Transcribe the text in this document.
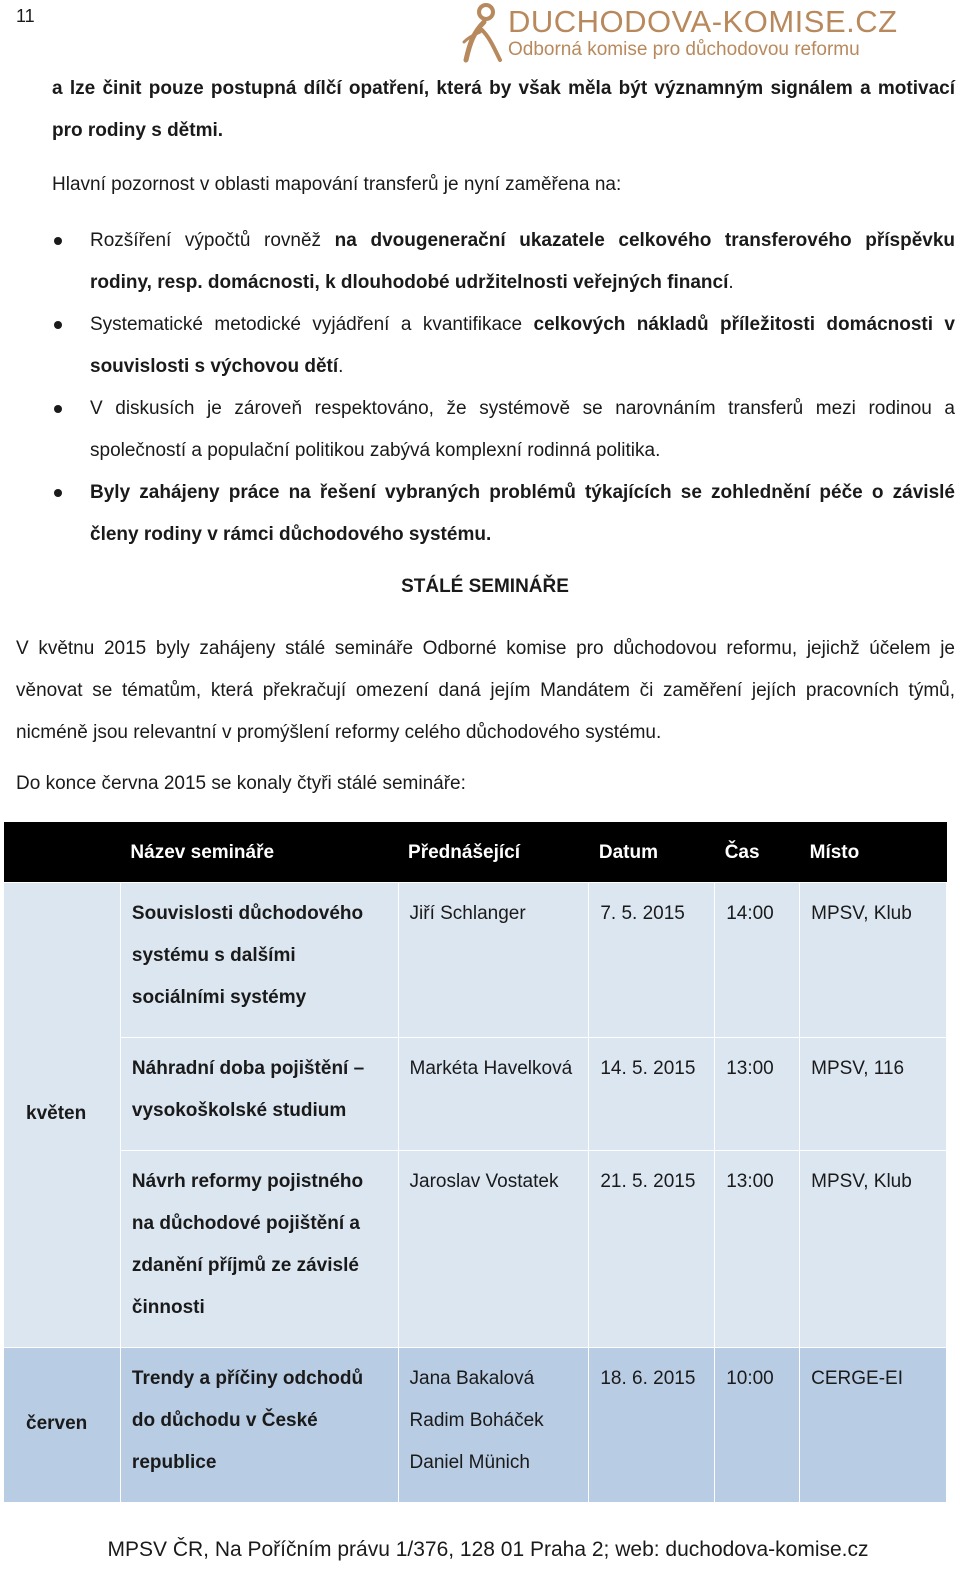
11	DUCHODOVA-KOMISE.CZ
Odborná komise pro důchodovou reformu
a lze činit pouze postupná dílčí opatření, která by však měla být významným signálem a motivací pro rodiny s dětmi.
Hlavní pozornost v oblasti mapování transferů je nyní zaměřena na:
Rozšíření výpočtů rovněž na dvougenerační ukazatele celkového transferového příspěvku rodiny, resp. domácnosti, k dlouhodobé udržitelnosti veřejných financí.
Systematické metodické vyjádření a kvantifikace celkových nákladů příležitosti domácnosti v souvislosti s výchovou dětí.
V diskusích je zároveň respektováno, že systémově se narovnáním transferů mezi rodinou a společností a populační politikou zabývá komplexní rodinná politika.
Byly zahájeny práce na řešení vybraných problémů týkajících se zohlednění péče o závislé členy rodiny v rámci důchodového systému.
STÁLÉ SEMINÁŘE
V květnu 2015 byly zahájeny stálé semináře Odborné komise pro důchodovou reformu, jejichž účelem je věnovat se tématům, která překračují omezení daná jejím Mandátem či zaměření jejích pracovních týmů, nicméně jsou relevantní v promýšlení reformy celého důchodového systému.
Do konce června 2015 se konaly čtyři stálé semináře:
	Název semináře	Přednášející	Datum	Čas	Místo
květen	Souvislosti důchodového systému s dalšími sociálními systémy	Jiří Schlanger	7. 5. 2015	14:00	MPSV, Klub
	Náhradní doba pojištění – vysokoškolské studium	Markéta Havelková	14. 5. 2015	13:00	MPSV, 116
	Návrh reformy pojistného na důchodové pojištění a zdanění příjmů ze závislé činnosti	Jaroslav Vostatek	21. 5. 2015	13:00	MPSV, Klub
červen	Trendy a příčiny odchodů do důchodu v České republice	Jana Bakalová Radim Boháček Daniel Münich	18. 6. 2015	10:00	CERGE-EI
MPSV ČR, Na Poříčním právu 1/376, 128 01 Praha 2; web: duchodova-komise.cz
